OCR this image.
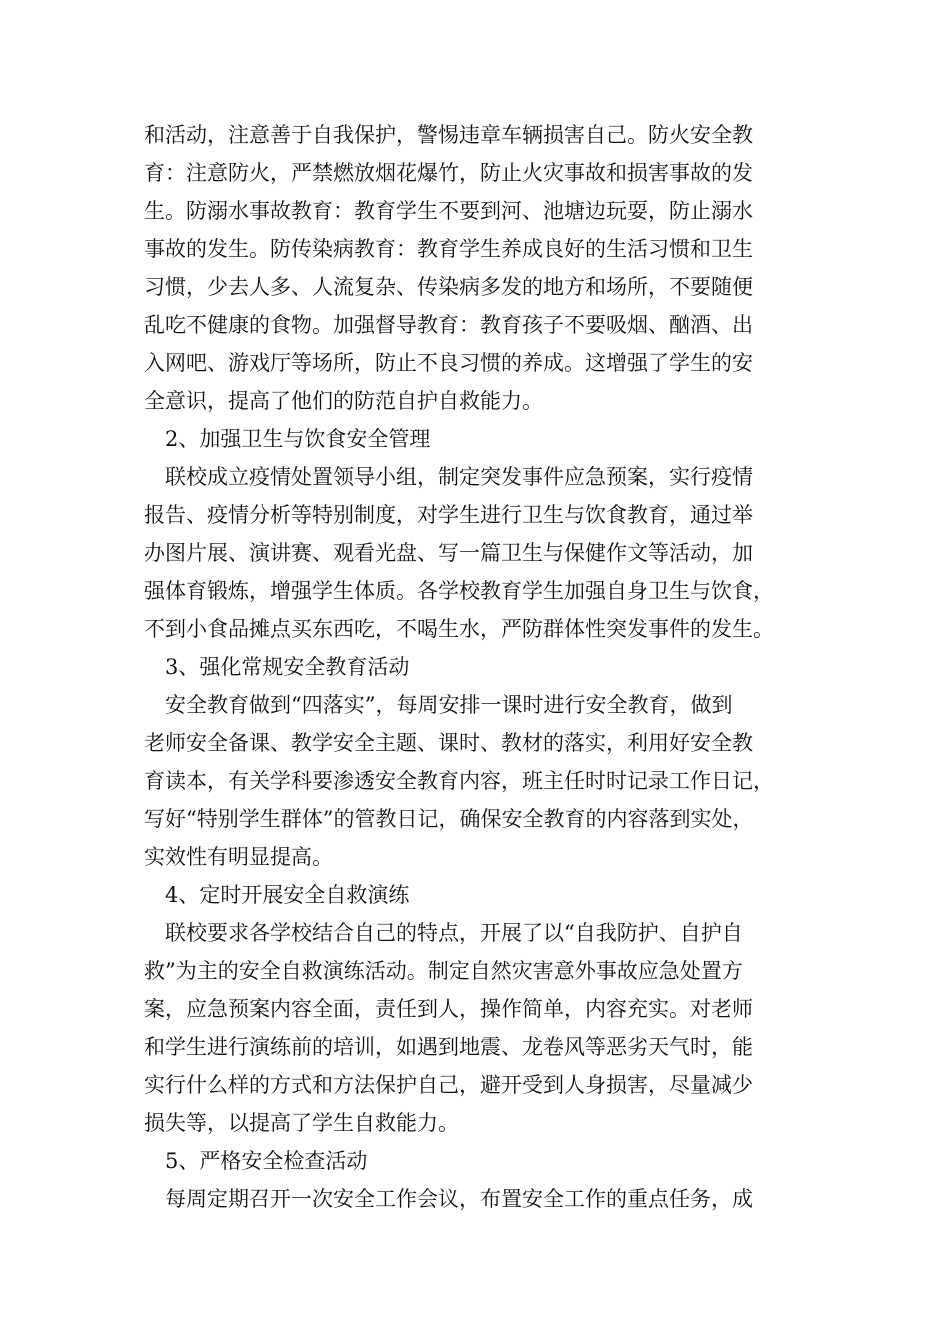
和活动，注意善于自我保护，警惕违章车辆损害自己。防火安全教
育：注意防火，严禁燃放烟花爆竹，防止火灾事故和损害事故的发
生。防溺水事故教育：教育学生不要到河、池塘边玩耍，防止溺水
事故的发生。防传染病教育：教育学生养成良好的生活习惯和卫生
习惯，少去人多、人流复杂、传染病多发的地方和场所，不要随便
乱吃不健康的食物。加强督导教育：教育孩子不要吸烟、酗酒、出
入网吧、游戏厅等场所，防止不良习惯的养成。这增强了学生的安
全意识，提高了他们的防范自护自救能力。
2、加强卫生与饮食安全管理
联校成立疫情处置领导小组，制定突发事件应急预案，实行疫情
报告、疫情分析等特别制度，对学生进行卫生与饮食教育，通过举
办图片展、演讲赛、观看光盘、写一篇卫生与保健作文等活动，加
强体育锻炼，增强学生体质。各学校教育学生加强自身卫生与饮食，
不到小食品摊点买东西吃，不喝生水，严防群体性突发事件的发生。
3、强化常规安全教育活动
安全教育做到“四落实”，每周安排一课时进行安全教育，做到
老师安全备课、教学安全主题、课时、教材的落实，利用好安全教
育读本，有关学科要渗透安全教育内容，班主任时时记录工作日记，
写好“特别学生群体”的管教日记，确保安全教育的内容落到实处，
实效性有明显提高。
4、定时开展安全自救演练
联校要求各学校结合自己的特点，开展了以“自我防护、自护自
救”为主的安全自救演练活动。制定自然灾害意外事故应急处置方
案，应急预案内容全面，责任到人，操作简单，内容充实。对老师
和学生进行演练前的培训，如遇到地震、龙卷风等恶劣天气时，能
实行什么样的方式和方法保护自己，避开受到人身损害，尽量减少
损失等，以提高了学生自救能力。
5、严格安全检查活动
每周定期召开一次安全工作会议，布置安全工作的重点任务，成
